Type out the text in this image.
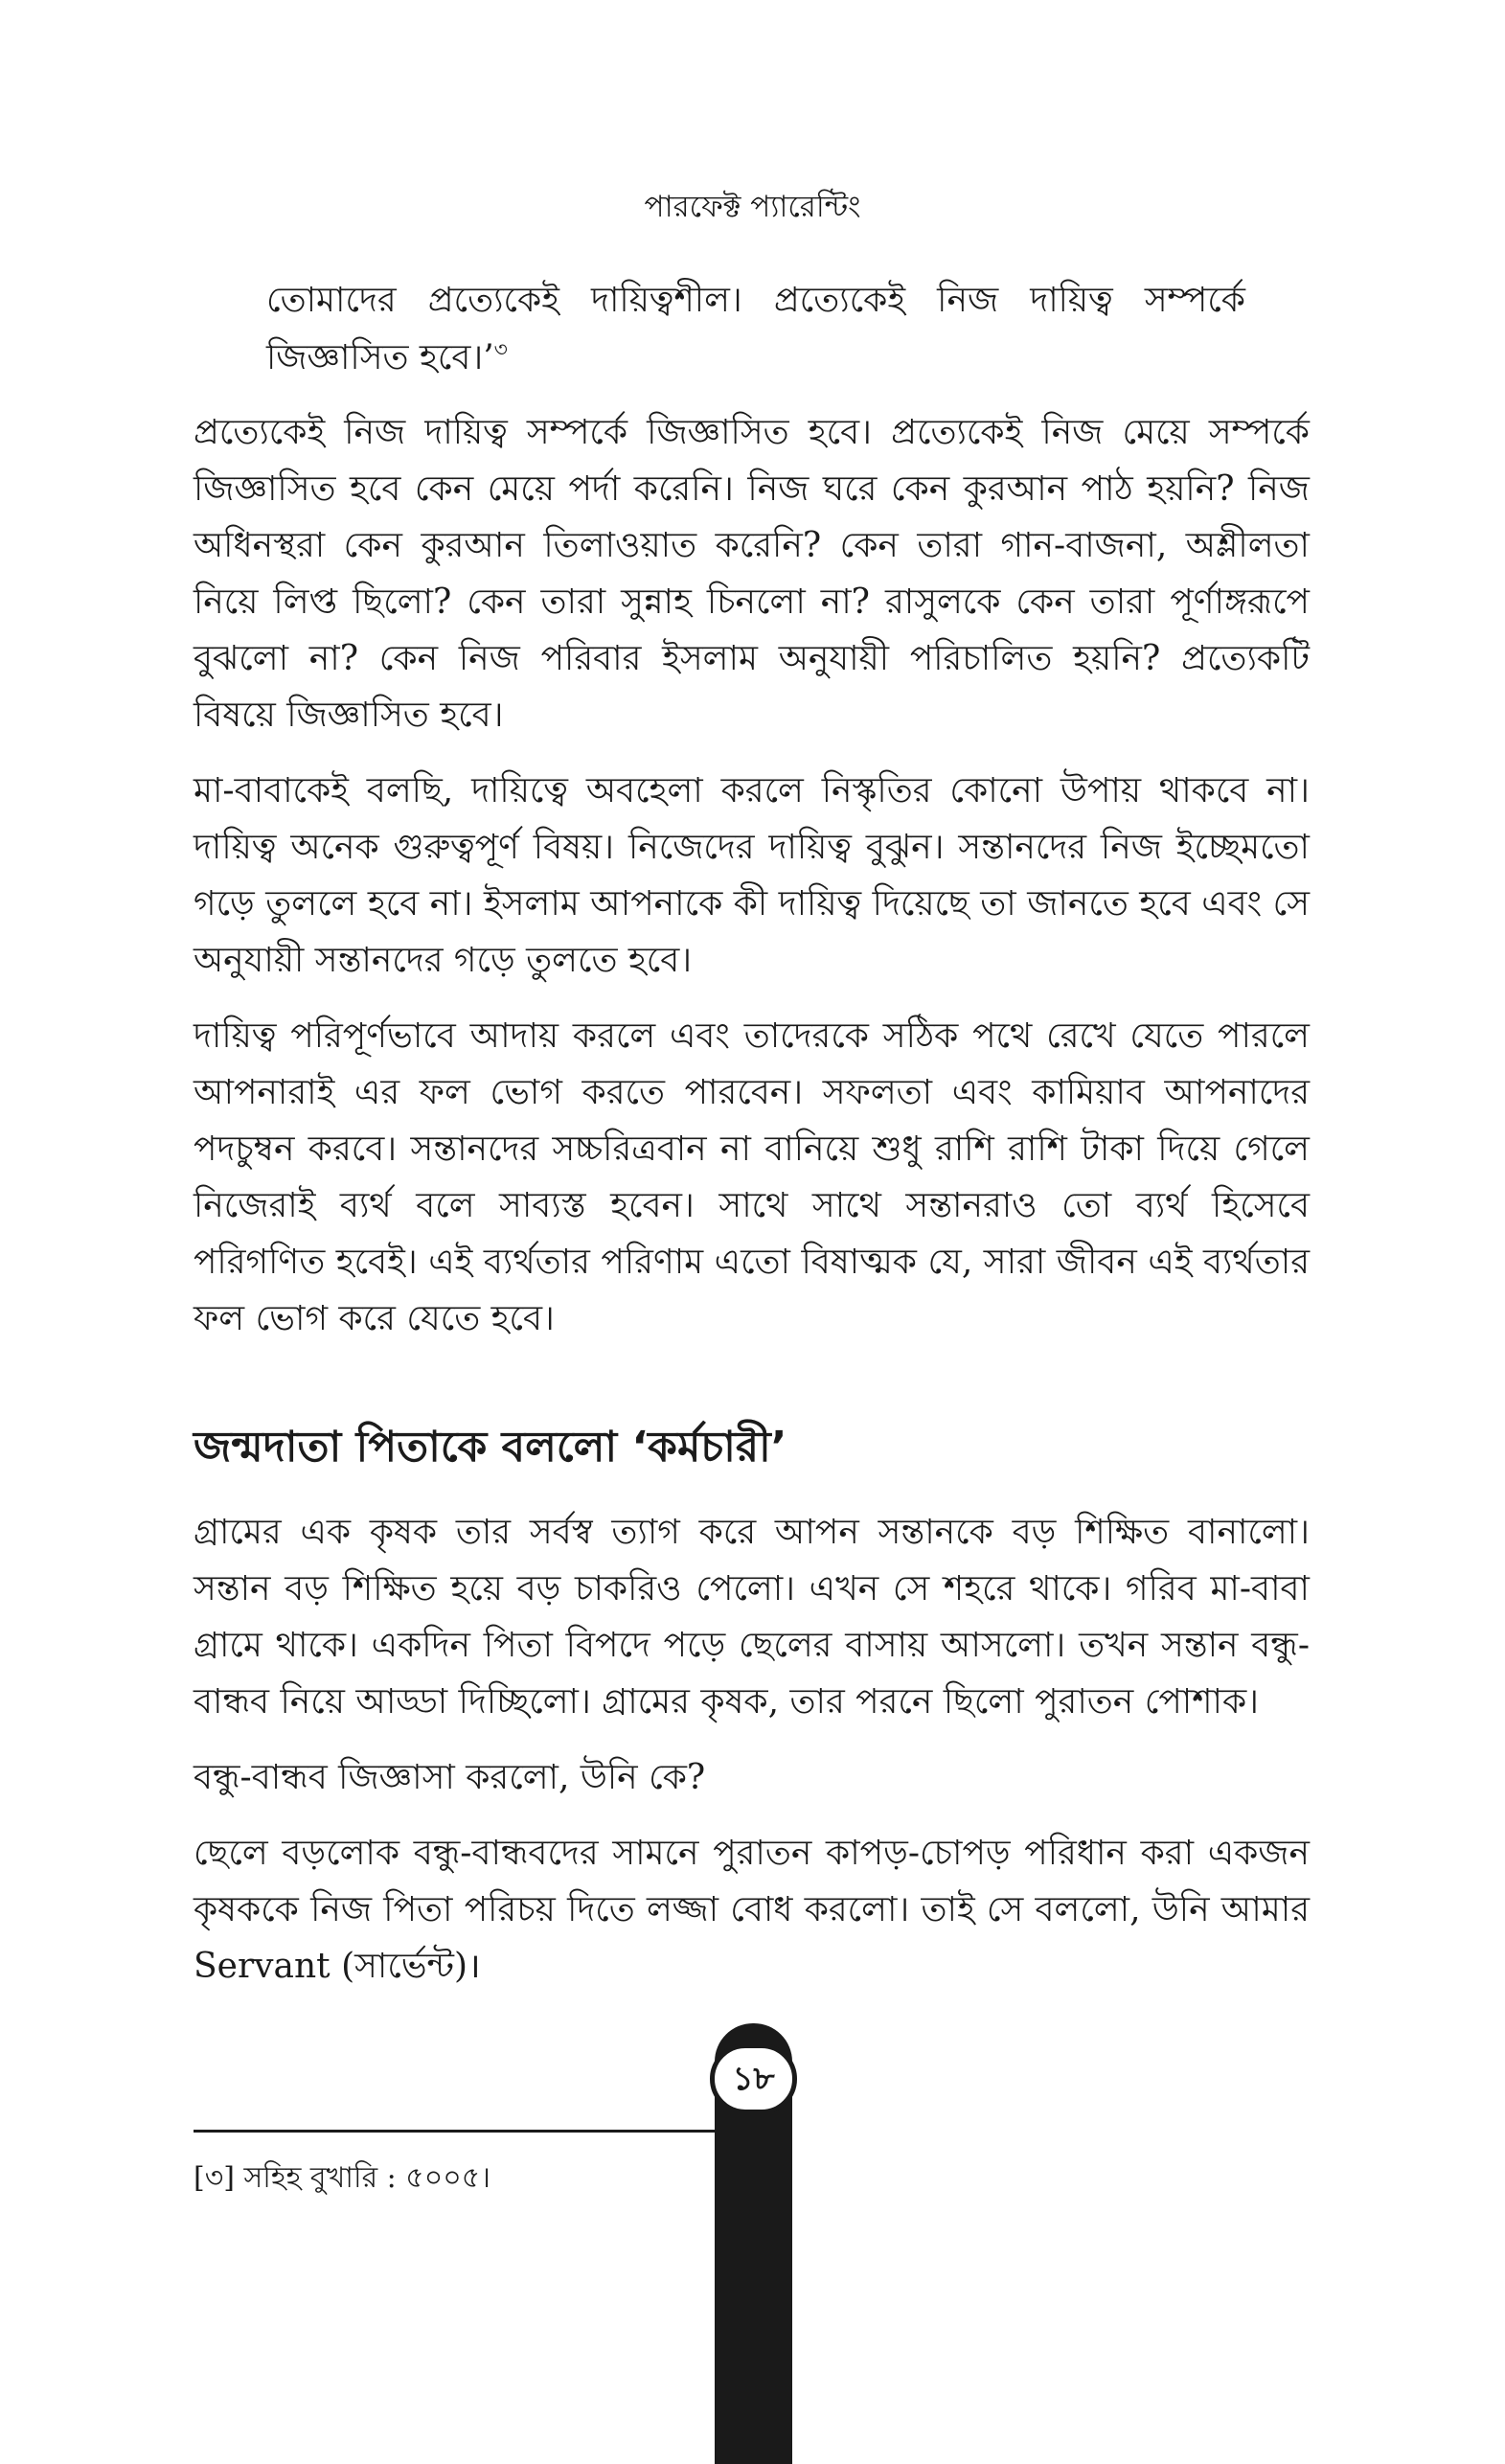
পারফেক্ট প্যারেন্টিং
তোমাদের প্রত্যেকেই দায়িত্বশীল। প্রত্যেকেই নিজ দায়িত্ব সম্পর্কে জিজ্ঞাসিত হবে।’$^৩$

প্রত্যেকেই নিজ দায়িত্ব সম্পর্কে জিজ্ঞাসিত হবে। প্রত্যেকেই নিজ মেয়ে সম্পর্কে জিজ্ঞাসিত হবে কেন মেয়ে পর্দা করেনি। নিজ ঘরে কেন কুরআন পাঠ হয়নি? নিজ অধিনস্থরা কেন কুরআন তিলাওয়াত করেনি? কেন তারা গান-বাজনা, অশ্লীলতা নিয়ে লিপ্ত ছিলো? কেন তারা সুন্নাহ চিনলো না? রাসুলকে কেন তারা পূর্ণাঙ্গরূপে বুঝলো না? কেন নিজ পরিবার ইসলাম অনুযায়ী পরিচালিত হয়নি? প্রত্যেকটি বিষয়ে জিজ্ঞাসিত হবে।

মা-বাবাকেই বলছি, দায়িত্বে অবহেলা করলে নিস্কৃতির কোনো উপায় থাকবে না। দায়িত্ব অনেক গুরুত্বপূর্ণ বিষয়। নিজেদের দায়িত্ব বুঝুন। সন্তানদের নিজ ইচ্ছেমতো গড়ে তুললে হবে না। ইসলাম আপনাকে কী দায়িত্ব দিয়েছে তা জানতে হবে এবং সে অনুযায়ী সন্তানদের গড়ে তুলতে হবে।

দায়িত্ব পরিপূর্ণভাবে আদায় করলে এবং তাদেরকে সঠিক পথে রেখে যেতে পারলে আপনারাই এর ফল ভোগ করতে পারবেন। সফলতা এবং কামিয়াব আপনাদের পদচুম্বন করবে। সন্তানদের সচ্চরিত্রবান না বানিয়ে শুধু রাশি রাশি টাকা দিয়ে গেলে নিজেরাই ব্যর্থ বলে সাব্যস্ত হবেন। সাথে সাথে সন্তানরাও তো ব্যর্থ হিসেবে পরিগণিত হবেই। এই ব্যর্থতার পরিণাম এতো বিষাত্মক যে, সারা জীবন এই ব্যর্থতার ফল ভোগ করে যেতে হবে।

জন্মদাতা পিতাকে বললো ‘কর্মচারী’

গ্রামের এক কৃষক তার সর্বস্ব ত্যাগ করে আপন সন্তানকে বড় শিক্ষিত বানালো। সন্তান বড় শিক্ষিত হয়ে বড় চাকরিও পেলো। এখন সে শহরে থাকে। গরিব মা-বাবা গ্রামে থাকে। একদিন পিতা বিপদে পড়ে ছেলের বাসায় আসলো। তখন সন্তান বন্ধু-বান্ধব নিয়ে আড্ডা দিচ্ছিলো। গ্রামের কৃষক, তার পরনে ছিলো পুরাতন পোশাক।

বন্ধু-বান্ধব জিজ্ঞাসা করলো, উনি কে?

ছেলে বড়লোক বন্ধু-বান্ধবদের সামনে পুরাতন কাপড়-চোপড় পরিধান করা একজন কৃষককে নিজ পিতা পরিচয় দিতে লজ্জা বোধ করলো। তাই সে বললো, উনি আমার Servant (সার্ভেন্ট)।

[৩] সহিহ বুখারি : ৫০০৫।
১৮
